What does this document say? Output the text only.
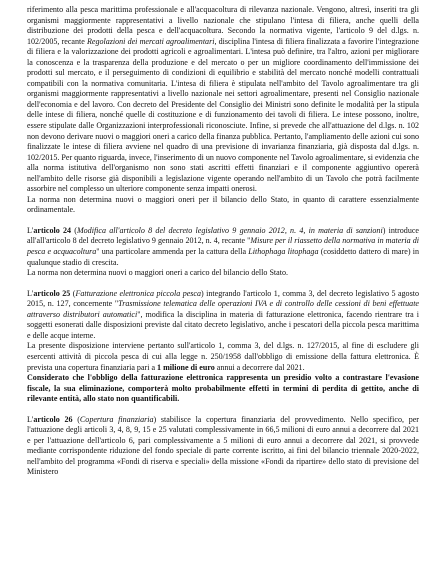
riferimento alla pesca marittima professionale e all'acquacoltura di rilevanza nazionale. Vengono, altresì, inseriti tra gli organismi maggiormente rappresentativi a livello nazionale che stipulano l'intesa di filiera, anche quelli della distribuzione dei prodotti della pesca e dell'acquacoltura. Secondo la normativa vigente, l'articolo 9 del d.lgs. n. 102/2005, recante Regolazioni dei mercati agroalimentari, disciplina l'intesa di filiera finalizzata a favorire l'integrazione di filiera e la valorizzazione dei prodotti agricoli e agroalimentari. L'intesa può definire, tra l'altro, azioni per migliorare la conoscenza e la trasparenza della produzione e del mercato o per un migliore coordinamento dell'immissione dei prodotti sul mercato, e il perseguimento di condizioni di equilibrio e stabilità del mercato nonché modelli contrattuali compatibili con la normativa comunitaria. L'intesa di filiera è stipulata nell'ambito del Tavolo agroalimentare tra gli organismi maggiormente rappresentativi a livello nazionale nei settori agroalimentare, presenti nel Consiglio nazionale dell'economia e del lavoro. Con decreto del Presidente del Consiglio dei Ministri sono definite le modalità per la stipula delle intese di filiera, nonché quelle di costituzione e di funzionamento dei tavoli di filiera. Le intese possono, inoltre, essere stipulate dalle Organizzazioni interprofessionali riconosciute. Infine, si prevede che all'attuazione del d.lgs. n. 102 non devono derivare nuovi o maggiori oneri a carico della finanza pubblica. Pertanto, l'ampliamento delle azioni cui sono finalizzate le intese di filiera avviene nel quadro di una previsione di invarianza finanziaria, già disposta dal d.lgs. n. 102/2015. Per quanto riguarda, invece, l'inserimento di un nuovo componente nel Tavolo agroalimentare, si evidenzia che alla norma istitutiva dell'organismo non sono stati ascritti effetti finanziari e il componente aggiuntivo opererà nell'ambito delle risorse già disponibili a legislazione vigente operando nell'ambito di un Tavolo che potrà facilmente assorbire nel complesso un ulteriore componente senza impatti onerosi.

La norma non determina nuovi o maggiori oneri per il bilancio dello Stato, in quanto di carattere essenzialmente ordinamentale.

L'articolo 24 (Modifica all'articolo 8 del decreto legislativo 9 gennaio 2012, n. 4, in materia di sanzioni) introduce all'all'articolo 8 del decreto legislativo 9 gennaio 2012, n. 4, recante "Misure per il riassetto della normativa in materia di pesca e acquacoltura" una particolare ammenda per la cattura della Lithophaga litophaga (cosiddetto dattero di mare) in qualunque stadio di crescita.

La norma non determina nuovi o maggiori oneri a carico del bilancio dello Stato.

L'articolo 25 (Fatturazione elettronica piccola pesca) integrando l'articolo 1, comma 3, del decreto legislativo 5 agosto 2015, n. 127, concernente "Trasmissione telematica delle operazioni IVA e di controllo delle cessioni di beni effettuate attraverso distributori automatici", modifica la disciplina in materia di fatturazione elettronica, facendo rientrare tra i soggetti esonerati dalle disposizioni previste dal citato decreto legislativo, anche i pescatori della piccola pesca marittima e delle acque interne.

La presente disposizione interviene pertanto sull'articolo 1, comma 3, del d.lgs. n. 127/2015, al fine di escludere gli esercenti attività di piccola pesca di cui alla legge n. 250/1958 dall'obbligo di emissione della fattura elettronica. È prevista una copertura finanziaria pari a 1 milione di euro annui a decorrere dal 2021.

Considerato che l'obbligo della fatturazione elettronica rappresenta un presidio volto a contrastare l'evasione fiscale, la sua eliminazione, comporterà molto probabilmente effetti in termini di perdita di gettito, anche di rilevante entità, allo stato non quantificabili.

L'articolo 26 (Copertura finanziaria) stabilisce la copertura finanziaria del provvedimento. Nello specifico, per l'attuazione degli articoli 3, 4, 8, 9, 15 e 25 valutati complessivamente in 66,5 milioni di euro annui a decorrere dal 2021 e per l'attuazione dell'articolo 6, pari complessivamente a 5 milioni di euro annui a decorrere dal 2021, si provvede mediante corrispondente riduzione del fondo speciale di parte corrente iscritto, ai fini del bilancio triennale 2020-2022, nell'ambito del programma «Fondi di riserva e speciali» della missione «Fondi da ripartire» dello stato di previsione del Ministero
